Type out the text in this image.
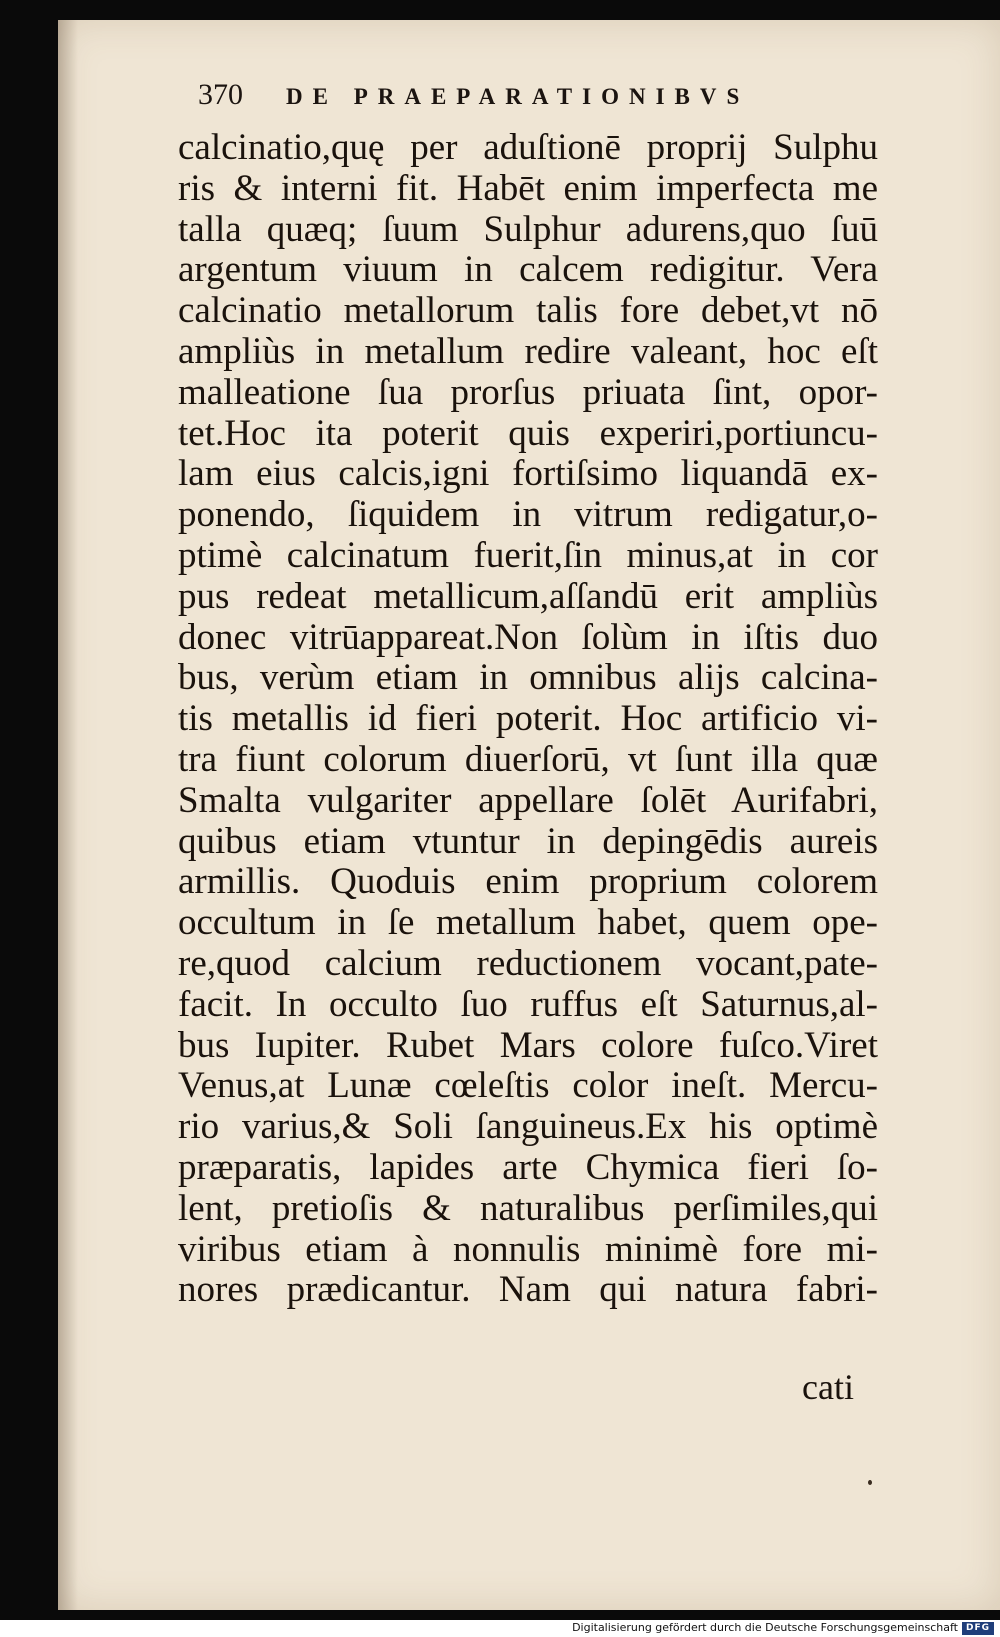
370	DE PRAEPARATIONIBVS
calcinatio,quę per aduſtionē proprij Sulphu
ris & interni fit. Habēt enim imperfecta me
talla quæq; ſuum Sulphur adurens,quo ſuū
argentum viuum in calcem redigitur. Vera
calcinatio metallorum talis fore debet,vt nō
ampliùs in metallum redire valeant, hoc eſt
malleatione ſua prorſus priuata ſint, opor-
tet.Hoc ita poterit quis experiri,portiuncu-
lam eius calcis,igni fortiſsimo liquandā ex-
ponendo, ſiquidem in vitrum redigatur,o-
ptimè calcinatum fuerit,ſin minus,at in cor
pus redeat metallicum,aſſandū erit ampliùs
donec vitrūappareat.Non ſolùm in iſtis duo
bus, verùm etiam in omnibus alijs calcina-
tis metallis id fieri poterit. Hoc artificio vi-
tra fiunt colorum diuerſorū, vt ſunt illa quæ
Smalta vulgariter appellare ſolēt Aurifabri,
quibus etiam vtuntur in depingēdis aureis
armillis. Quoduis enim proprium colorem
occultum in ſe metallum habet, quem ope-
re,quod calcium reductionem vocant,pate-
facit. In occulto ſuo ruffus eſt Saturnus,al-
bus Iupiter. Rubet Mars colore fuſco.Viret
Venus,at Lunæ cœleſtis color ineſt. Mercu-
rio varius,& Soli ſanguineus.Ex his optimè
præparatis, lapides arte Chymica fieri ſo-
lent, pretioſis & naturalibus perſimiles,qui
viribus etiam à nonnulis minimè fore mi-
nores prædicantur. Nam qui natura fabri-
cati
Digitalisierung gefördert durch die Deutsche Forschungsgemeinschaft DFG
